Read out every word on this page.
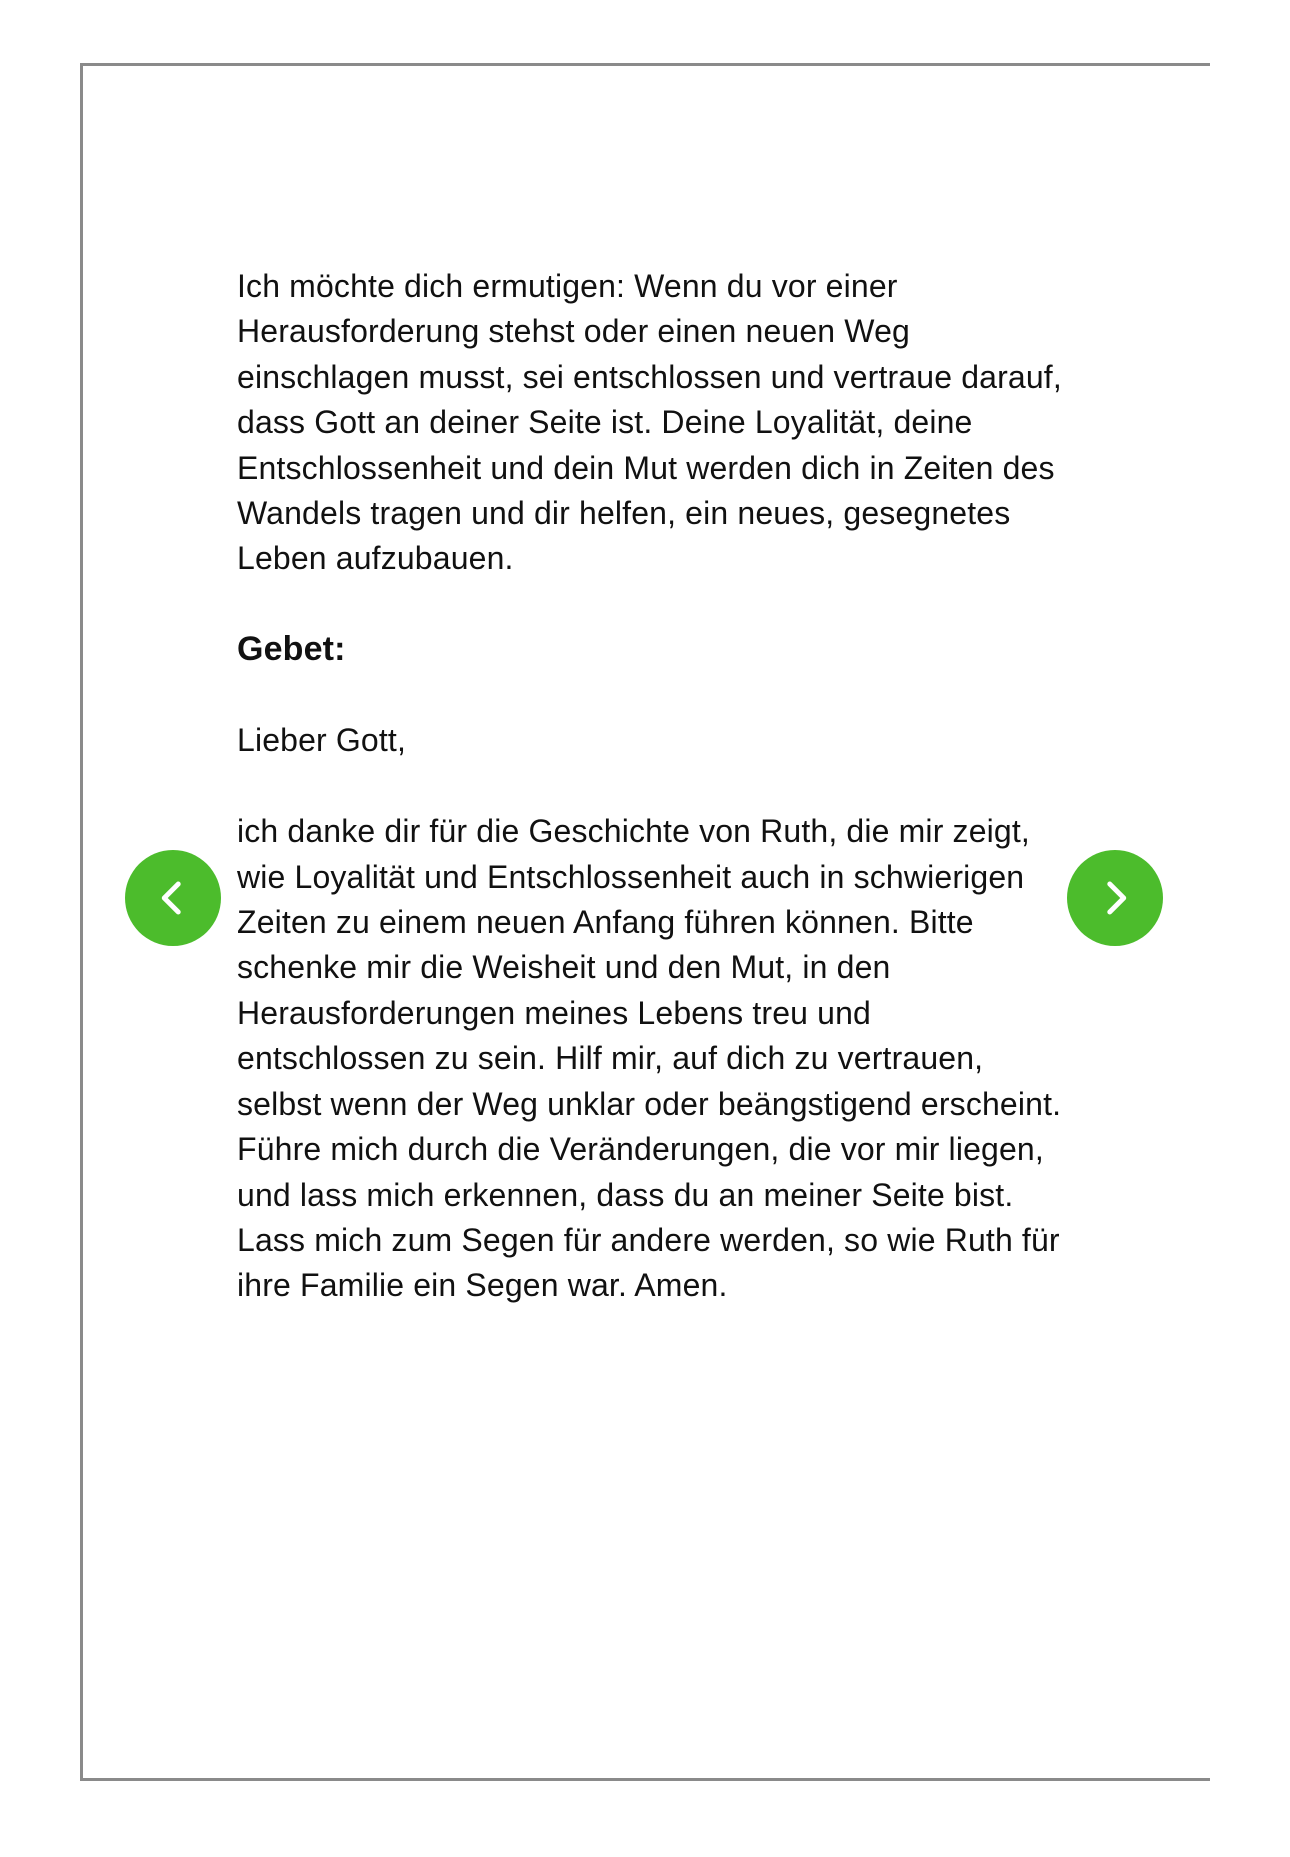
Ich möchte dich ermutigen: Wenn du vor einer Herausforderung stehst oder einen neuen Weg einschlagen musst, sei entschlossen und vertraue darauf, dass Gott an deiner Seite ist. Deine Loyalität, deine Entschlossenheit und dein Mut werden dich in Zeiten des Wandels tragen und dir helfen, ein neues, gesegnetes Leben aufzubauen.

Gebet:

Lieber Gott,

ich danke dir für die Geschichte von Ruth, die mir zeigt, wie Loyalität und Entschlossenheit auch in schwierigen Zeiten zu einem neuen Anfang führen können. Bitte schenke mir die Weisheit und den Mut, in den Herausforderungen meines Lebens treu und entschlossen zu sein. Hilf mir, auf dich zu vertrauen, selbst wenn der Weg unklar oder beängstigend erscheint. Führe mich durch die Veränderungen, die vor mir liegen, und lass mich erkennen, dass du an meiner Seite bist. Lass mich zum Segen für andere werden, so wie Ruth für ihre Familie ein Segen war. Amen.
